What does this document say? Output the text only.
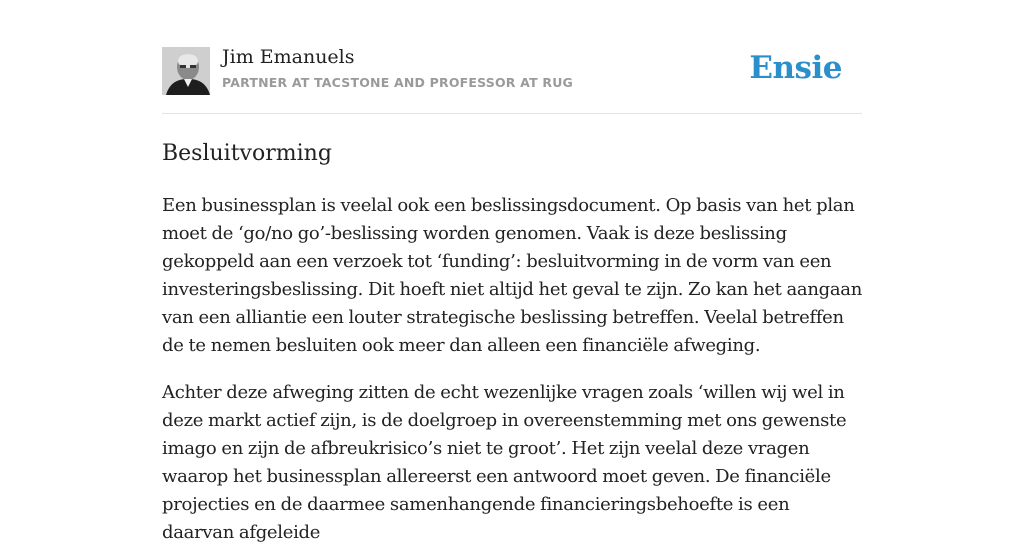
Jim Emanuels
PARTNER AT TACSTONE AND PROFESSOR AT RUG	Ensie
Besluitvorming

Een businessplan is veelal ook een beslissingsdocument. Op basis van het plan moet de ‘go/no go’-beslissing worden genomen. Vaak is deze beslissing gekoppeld aan een verzoek tot ‘funding’: besluitvorming in de vorm van een investeringsbeslissing. Dit hoeft niet altijd het geval te zijn. Zo kan het aangaan van een alliantie een louter strategische beslissing betreffen. Veelal betreffen de te nemen besluiten ook meer dan alleen een financiële afweging.

Achter deze afweging zitten de echt wezenlijke vragen zoals ‘willen wij wel in deze markt actief zijn, is de doelgroep in overeenstemming met ons gewenste imago en zijn de afbreukrisico’s niet te groot’. Het zijn veelal deze vragen waarop het businessplan allereerst een antwoord moet geven. De financiële projecties en de daarmee samenhangende financieringsbehoefte is een daarvan afgeleide
